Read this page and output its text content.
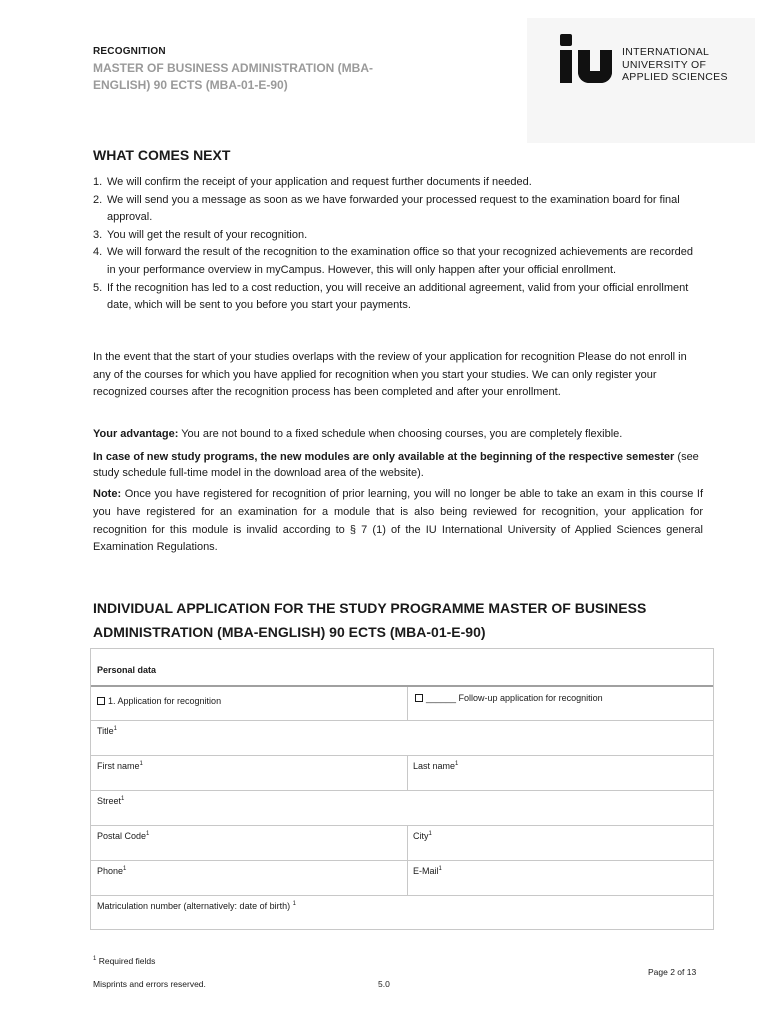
RECOGNITION
MASTER OF BUSINESS ADMINISTRATION (MBA-ENGLISH) 90 ECTS (MBA-01-E-90)
INTERNATIONAL
UNIVERSITY OF
APPLIED SCIENCES
WHAT COMES NEXT
1. We will confirm the receipt of your application and request further documents if needed.
2. We will send you a message as soon as we have forwarded your processed request to the examination board for final approval.
3. You will get the result of your recognition.
4. We will forward the result of the recognition to the examination office so that your recognized achievements are recorded in your performance overview in myCampus. However, this will only happen after your official enrollment.
5. If the recognition has led to a cost reduction, you will receive an additional agreement, valid from your official enrollment date, which will be sent to you before you start your payments.

In the event that the start of your studies overlaps with the review of your application for recognition Please do not enroll in any of the courses for which you have applied for recognition when you start your studies. We can only register your recognized courses after the recognition process has been completed and after your enrollment.

Your advantage: You are not bound to a fixed schedule when choosing courses, you are completely flexible.

In case of new study programs, the new modules are only available at the beginning of the respective semester (see study schedule full-time model in the download area of the website).

Note: Once you have registered for recognition of prior learning, you will no longer be able to take an exam in this course If you have registered for an examination for a module that is also being reviewed for recognition, your application for recognition for this module is invalid according to § 7 (1) of the IU International University of Applied Sciences general Examination Regulations.

INDIVIDUAL APPLICATION FOR THE STUDY PROGRAMME MASTER OF BUSINESS ADMINISTRATION (MBA-ENGLISH) 90 ECTS (MBA-01-E-90)
Personal data
1. Application for recognition	______ Follow-up application for recognition
Title$^1$
First name$^1$	Last name$^1$
Street$^1$
Postal Code$^1$	City$^1$
Phone$^1$	E-Mail$^1$
Matriculation number (alternatively: date of birth) $^1$
$^1$ Required fields
Page 2 of 13
Misprints and errors reserved.	5.0
